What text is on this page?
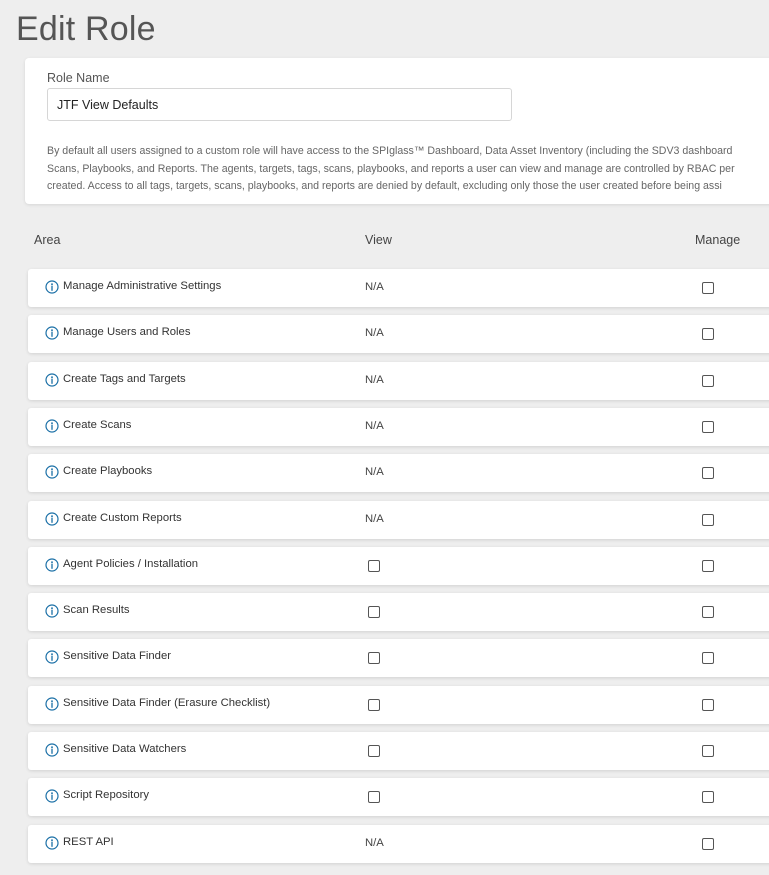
Edit Role
Role Name
JTF View Defaults
By default all users assigned to a custom role will have access to the SPIglass™ Dashboard, Data Asset Inventory (including the SDV3 dashboard
Scans, Playbooks, and Reports. The agents, targets, tags, scans, playbooks, and reports a user can view and manage are controlled by RBAC per
created. Access to all tags, targets, scans, playbooks, and reports are denied by default, excluding only those the user created before being assi
Area	View	Manage
Manage Administrative Settings	N/A
Manage Users and Roles	N/A
Create Tags and Targets	N/A
Create Scans	N/A
Create Playbooks	N/A
Create Custom Reports	N/A
Agent Policies / Installation
Scan Results
Sensitive Data Finder
Sensitive Data Finder (Erasure Checklist)
Sensitive Data Watchers
Script Repository
REST API	N/A
